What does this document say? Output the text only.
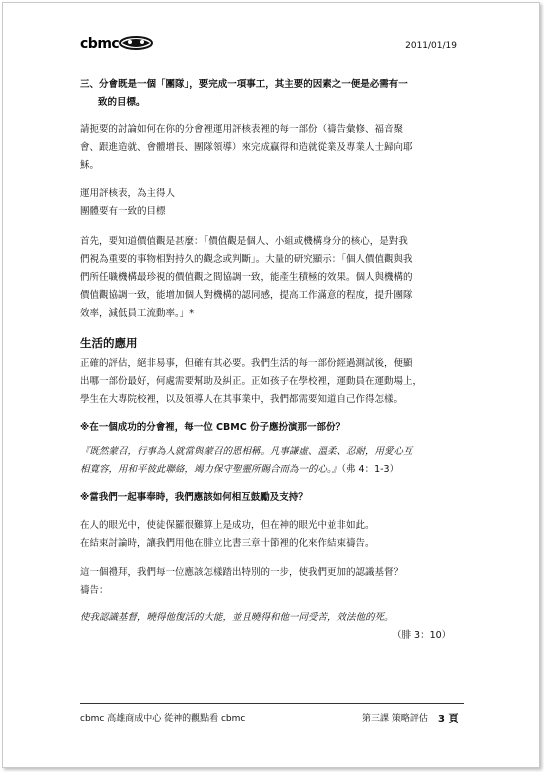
cbmc	2011/01/19
三、分會既是一個「團隊」，要完成一項事工，其主要的因素之一便是必需有一
致的目標。
請扼要的討論如何在你的分會裡運用評核表裡的每一部份（禱告彙修、福音聚
會、跟進造就、會體增長、團隊領導）來完成贏得和造就從業及專業人士歸向耶
穌。
運用評核表，為主得人
團體要有一致的目標
首先，要知道價值觀是甚麼：「價值觀是個人、小組或機構身分的核心，是對我
們視為重要的事物相對持久的觀念或判斷」。大量的研究顯示：「個人價值觀與我
們所任職機構最珍視的價值觀之間協調一致，能產生積極的效果。個人與機構的
價值觀協調一致，能增加個人對機構的認同感，提高工作滿意的程度，提升團隊
效率，減低員工流動率。」*
生活的應用
正確的評估，絕非易事，但確有其必要。我們生活的每一部份經過測試後，便顯
出哪一部份最好，何處需要幫助及糾正。正如孩子在學校裡，運動員在運動場上，
學生在大專院校裡，以及領導人在其事業中，我們都需要知道自己作得怎樣。
※在一個成功的分會裡，每一位 CBMC 份子應扮演那一部份？
『既然蒙召，行事為人就當與蒙召的恩相稱。凡事謙虛、溫柔、忍耐，用愛心互
相寬容，用和平彼此聯絡，竭力保守聖靈所賜合而為一的心。』（弗 4：1-3）
※當我們一起事奉時，我們應該如何相互鼓勵及支持？
在人的眼光中，使徒保羅很難算上是成功，但在神的眼光中並非如此。
在結束討論時，讓我們用他在腓立比書三章十節裡的化來作結束禱告。
這一個禮拜，我們每一位應該怎樣踏出特別的一步，使我們更加的認識基督？
禱告：
使我認識基督，曉得他復活的大能，並且曉得和他一同受苦，效法他的死。
（腓 3：10）
cbmc 高雄商成中心 從神的觀點看 cbmc	第三課 策略評估 3 頁
